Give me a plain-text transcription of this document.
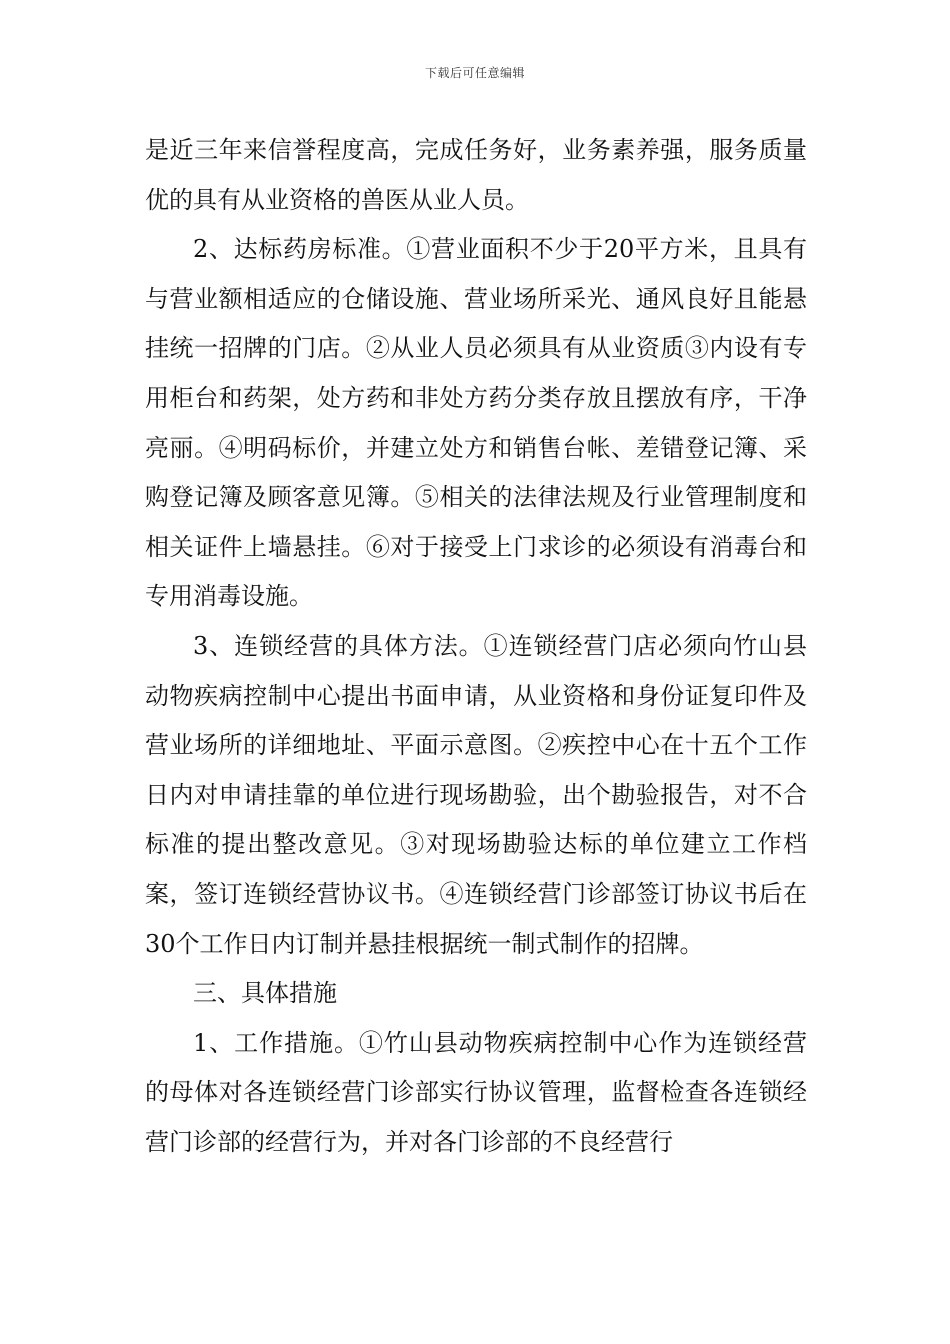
下载后可任意编辑

是近三年来信誉程度高，完成任务好，业务素养强，服务质量优的具有从业资格的兽医从业人员。

2、达标药房标准。①营业面积不少于20平方米，且具有与营业额相适应的仓储设施、营业场所采光、通风良好且能悬挂统一招牌的门店。②从业人员必须具有从业资质③内设有专用柜台和药架，处方药和非处方药分类存放且摆放有序，干净亮丽。④明码标价，并建立处方和销售台帐、差错登记簿、采购登记簿及顾客意见簿。⑤相关的法律法规及行业管理制度和相关证件上墙悬挂。⑥对于接受上门求诊的必须设有消毒台和专用消毒设施。

3、连锁经营的具体方法。①连锁经营门店必须向竹山县动物疾病控制中心提出书面申请，从业资格和身份证复印件及营业场所的详细地址、平面示意图。②疾控中心在十五个工作日内对申请挂靠的单位进行现场勘验，出个勘验报告，对不合标准的提出整改意见。③对现场勘验达标的单位建立工作档案，签订连锁经营协议书。④连锁经营门诊部签订协议书后在30个工作日内订制并悬挂根据统一制式制作的招牌。

三、具体措施

1、工作措施。①竹山县动物疾病控制中心作为连锁经营的母体对各连锁经营门诊部实行协议管理，监督检查各连锁经营门诊部的经营行为，并对各门诊部的不良经营行
